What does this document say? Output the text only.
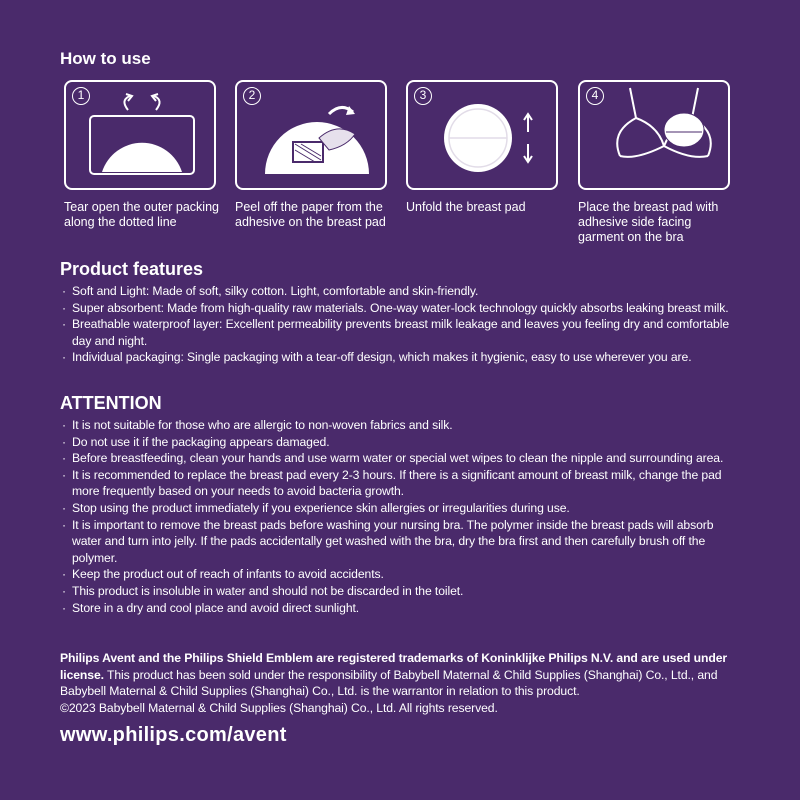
How to use
1
Tear open the outer packing along the dotted line
2
Peel off the paper from the adhesive on the breast pad
3
Unfold the breast pad
4
Place the breast pad with adhesive side facing garment on the bra
Product features
· Soft and Light: Made of soft, silky cotton. Light, comfortable and skin-friendly.
· Super absorbent: Made from high-quality raw materials. One-way water-lock technology quickly absorbs leaking breast milk.
· Breathable waterproof layer: Excellent permeability prevents breast milk leakage and leaves you feeling dry and comfortable day and night.
· Individual packaging: Single packaging with a tear-off design, which makes it hygienic, easy to use wherever you are.
ATTENTION
· It is not suitable for those who are allergic to non-woven fabrics and silk.
· Do not use it if the packaging appears damaged.
· Before breastfeeding, clean your hands and use warm water or special wet wipes to clean the nipple and surrounding area.
· It is recommended to replace the breast pad every 2-3 hours. If there is a significant amount of breast milk, change the pad more frequently based on your needs to avoid bacteria growth.
· Stop using the product immediately if you experience skin allergies or irregularities during use.
· It is important to remove the breast pads before washing your nursing bra. The polymer inside the breast pads will absorb water and turn into jelly. If the pads accidentally get washed with the bra, dry the bra first and then carefully brush off the polymer.
· Keep the product out of reach of infants to avoid accidents.
· This product is insoluble in water and should not be discarded in the toilet.
· Store in a dry and cool place and avoid direct sunlight.

Philips Avent and the Philips Shield Emblem are registered trademarks of Koninklijke Philips N.V. and are used under license. This product has been sold under the responsibility of Babybell Maternal & Child Supplies (Shanghai) Co., Ltd., and Babybell Maternal & Child Supplies (Shanghai) Co., Ltd. is the warrantor in relation to this product.

©2023 Babybell Maternal & Child Supplies (Shanghai) Co., Ltd. All rights reserved.

www.philips.com/avent
